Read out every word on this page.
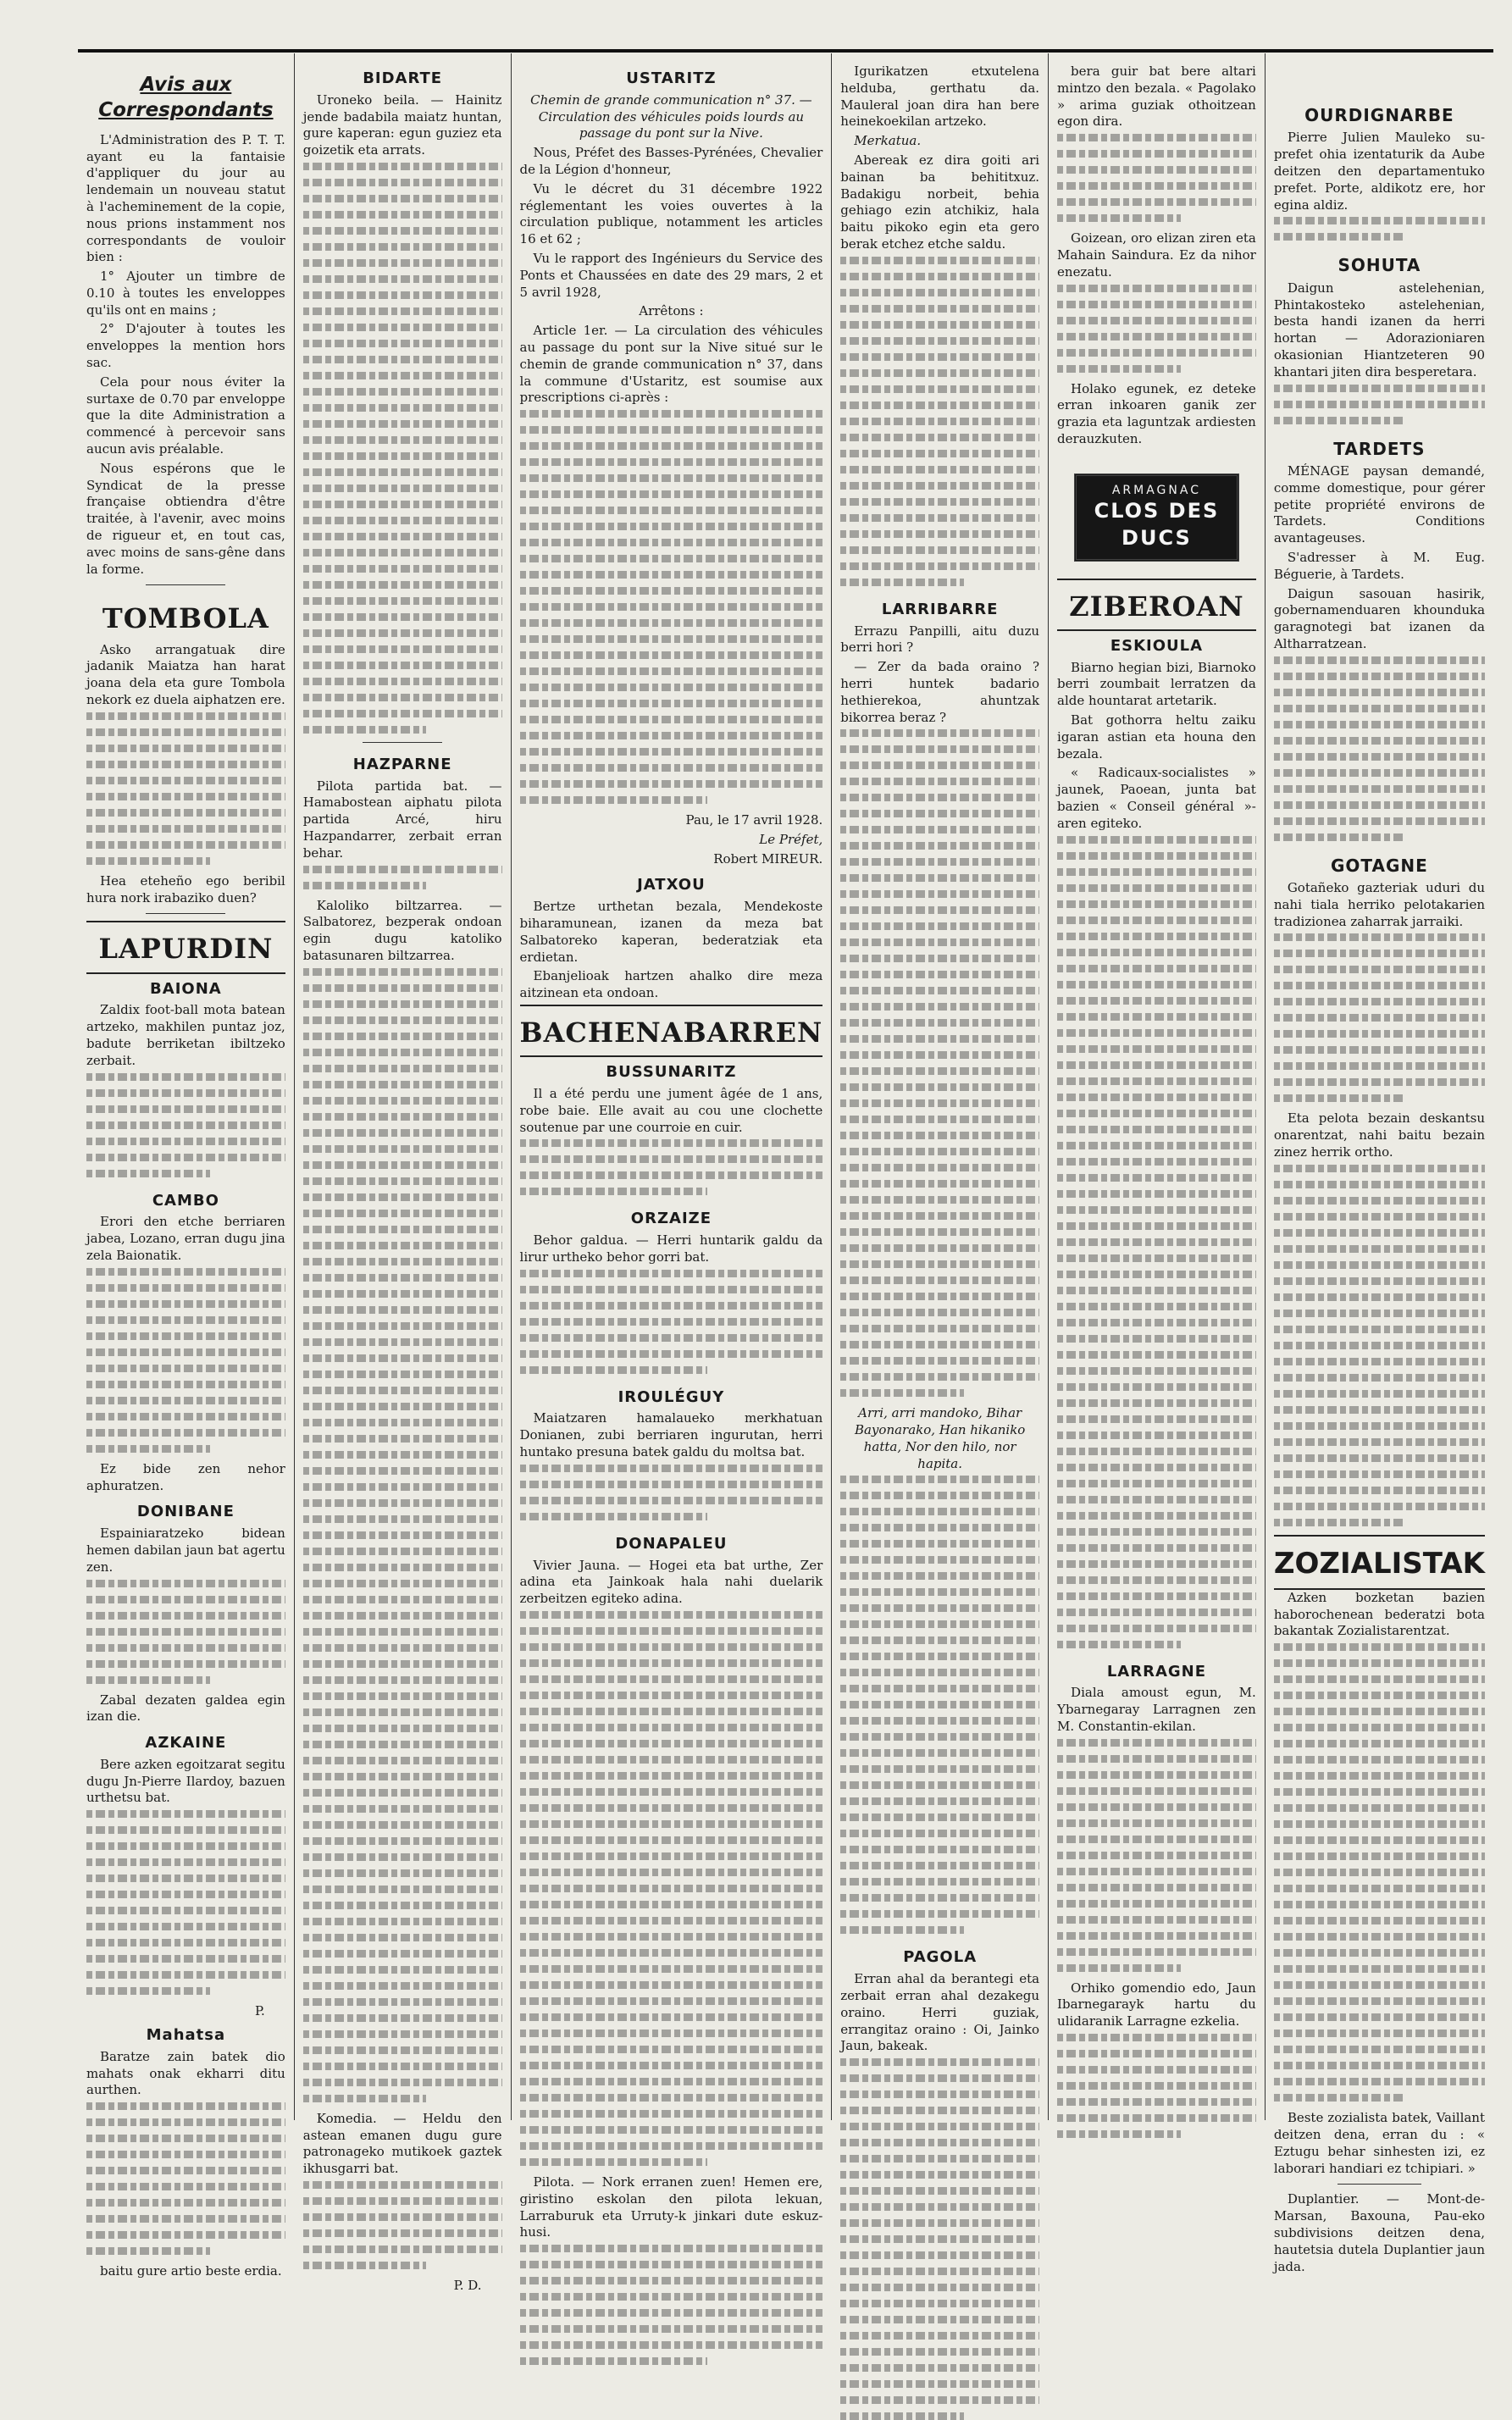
Avis aux Correspondants

L'Administration des P. T. T. ayant eu la fantaisie d'appliquer du jour au lendemain un nouveau statut à l'acheminement de la copie, nous prions instamment nos correspondants de vouloir bien :

1° Ajouter un timbre de 0.10 à toutes les enveloppes qu'ils ont en mains ;

2° D'ajouter à toutes les enveloppes la mention hors sac.

Cela pour nous éviter la surtaxe de 0.70 par enveloppe que la dite Administration a commencé à percevoir sans aucun avis préalable.

Nous espérons que le Syndicat de la presse française obtiendra d'être traitée, à l'avenir, avec moins de rigueur et, en tout cas, avec moins de sans-gêne dans la forme.

TOMBOLA

Asko arrangatuak dire jadanik Maiatza han harat joana dela eta gure Tombola nekork ez duela aiphatzen ere.

Hea eteheño ego beribil hura nork irabaziko duen?

LAPURDIN
BAIONA

Zaldix foot-ball mota batean artzeko, makhilen puntaz joz, badute berriketan ibiltzeko zerbait.

CAMBO

Erori den etche berriaren jabea, Lozano, erran dugu jina zela Baionatik.

Ez bide zen nehor aphuratzen.

DONIBANE

Espainiaratzeko bidean hemen dabilan jaun bat agertu zen.

Zabal dezaten galdea egin izan die.

AZKAINE

Bere azken egoitzarat segitu dugu Jn-Pierre Ilardoy, bazuen urthetsu bat.

P.
Mahatsa

Baratze zain batek dio mahats onak ekharri ditu aurthen.

baitu gure artio beste erdia.

BIDARTE

Uroneko beila. — Hainitz jende badabila maiatz huntan, gure kaperan: egun guziez eta goizetik eta arrats.

HAZPARNE

Pilota partida bat. — Hamabostean aiphatu pilota partida Arcé, hiru Hazpandarrer, zerbait erran behar.

Kaloliko biltzarrea. — Salbatorez, bezperak ondoan egin dugu katoliko batasunaren biltzarrea.

Komedia. — Heldu den astean emanen dugu gure patronageko mutikoek gaztek ikhusgarri bat.

P. D.
USTARITZ

Chemin de grande communication n° 37. — Circulation des véhicules poids lourds au passage du pont sur la Nive.

Nous, Préfet des Basses-Pyrénées, Chevalier de la Légion d'honneur,

Vu le décret du 31 décembre 1922 réglementant les voies ouvertes à la circulation publique, notamment les articles 16 et 62 ;

Vu le rapport des Ingénieurs du Service des Ponts et Chaussées en date des 29 mars, 2 et 5 avril 1928,

Arrêtons :

Article 1er. — La circulation des véhicules au passage du pont sur la Nive situé sur le chemin de grande communication n° 37, dans la commune d'Ustaritz, est soumise aux prescriptions ci-après :

Pau, le 17 avril 1928.

Le Préfet,

Robert MIREUR.

JATXOU

Bertze urthetan bezala, Mendekoste biharamunean, izanen da meza bat Salbatoreko kaperan, bederatziak eta erdietan.

Ebanjelioak hartzen ahalko dire meza aitzinean eta ondoan.

BACHENABARREN
BUSSUNARITZ

Il a été perdu une jument âgée de 1 ans, robe baie. Elle avait au cou une clochette soutenue par une courroie en cuir.

ORZAIZE

Behor galdua. — Herri huntarik galdu da lirur urtheko behor gorri bat.

IROULÉGUY

Maiatzaren hamalaueko merkhatuan Donianen, zubi berriaren ingurutan, herri huntako presuna batek galdu du moltsa bat.

DONAPALEU

Vivier Jauna. — Hogei eta bat urthe, Zer adina eta Jainkoak hala nahi duelarik zerbeitzen egiteko adina.

Pilota. — Nork erranen zuen! Hemen ere, giristino eskolan den pilota lekuan, Larraburuk eta Urruty-k jinkari dute eskuz-husi.

Igurikatzen etxutelena helduba, gerthatu da. Mauleral joan dira han bere heinekoekilan artzeko.

Merkatua.

Abereak ez dira goiti ari bainan ba behititxuz. Badakigu norbeit, behia gehiago ezin atchikiz, hala baitu pikoko egin eta gero berak etchez etche saldu.

LARRIBARRE

Errazu Panpilli, aitu duzu berri hori ?

— Zer da bada oraino ? herri huntek badario hethierekoa, ahuntzak bikorrea beraz ?

Arri, arri mandoko, Bihar Bayonarako, Han hikaniko hatta, Nor den hilo, nor hapita.

PAGOLA

Erran ahal da berantegi eta zerbait erran ahal dezakegu oraino. Herri guziak, errangitaz oraino : Oi, Jainko Jaun, bakeak.

bera guir bat bere altari mintzo den bezala. « Pagolako » arima guziak othoitzean egon dira.

Goizean, oro elizan ziren eta Mahain Saindura. Ez da nihor enezatu.

Holako egunek, ez deteke erran inkoaren ganik zer grazia eta laguntzak ardiesten derauzkuten.

ARMAGNAC
CLOS DES DUCS
ZIBEROAN
ESKIOULA

Biarno hegian bizi, Biarnoko berri zoumbait lerratzen da alde hountarat artetarik.

Bat gothorra heltu zaiku igaran astian eta houna den bezala.

« Radicaux-socialistes » jaunek, Paoean, junta bat bazien « Conseil général »-aren egiteko.

LARRAGNE

Diala amoust egun, M. Ybarnegaray Larragnen zen M. Constantin-ekilan.

Orhiko gomendio edo, Jaun Ibarnegarayk hartu du ulidaranik Larragne ezkelia.

OURDIGNARBE

Pierre Julien Mauleko su-prefet ohia izentaturik da Aube deitzen den departamentuko prefet. Porte, aldikotz ere, hor egina aldiz.

SOHUTA

Daigun astelehenian, Phintakosteko astelehenian, besta handi izanen da herri hortan — Adorazioniaren okasionian Hiantzeteren 90 khantari jiten dira besperetara.

TARDETS

MÉNAGE paysan demandé, comme domestique, pour gérer petite propriété environs de Tardets. Conditions avantageuses.

S'adresser à M. Eug. Béguerie, à Tardets.

Daigun sasouan hasirik, gobernamenduaren khounduka garagnotegi bat izanen da Altharratzean.

GOTAGNE

Gotañeko gazteriak uduri du nahi tiala herriko pelotakarien tradizionea zaharrak jarraiki.

Eta pelota bezain deskantsu onarentzat, nahi baitu bezain zinez herrik ortho.

ZOZIALISTAK

Azken bozketan bazien haborochenean bederatzi bota bakantak Zozialistarentzat.

Beste zozialista batek, Vaillant deitzen dena, erran du : « Eztugu behar sinhesten izi, ez laborari handiari ez tchipiari. »

Duplantier. — Mont-de-Marsan, Baxouna, Pau-eko subdivisions deitzen dena, hautetsia dutela Duplantier jaun jada.
